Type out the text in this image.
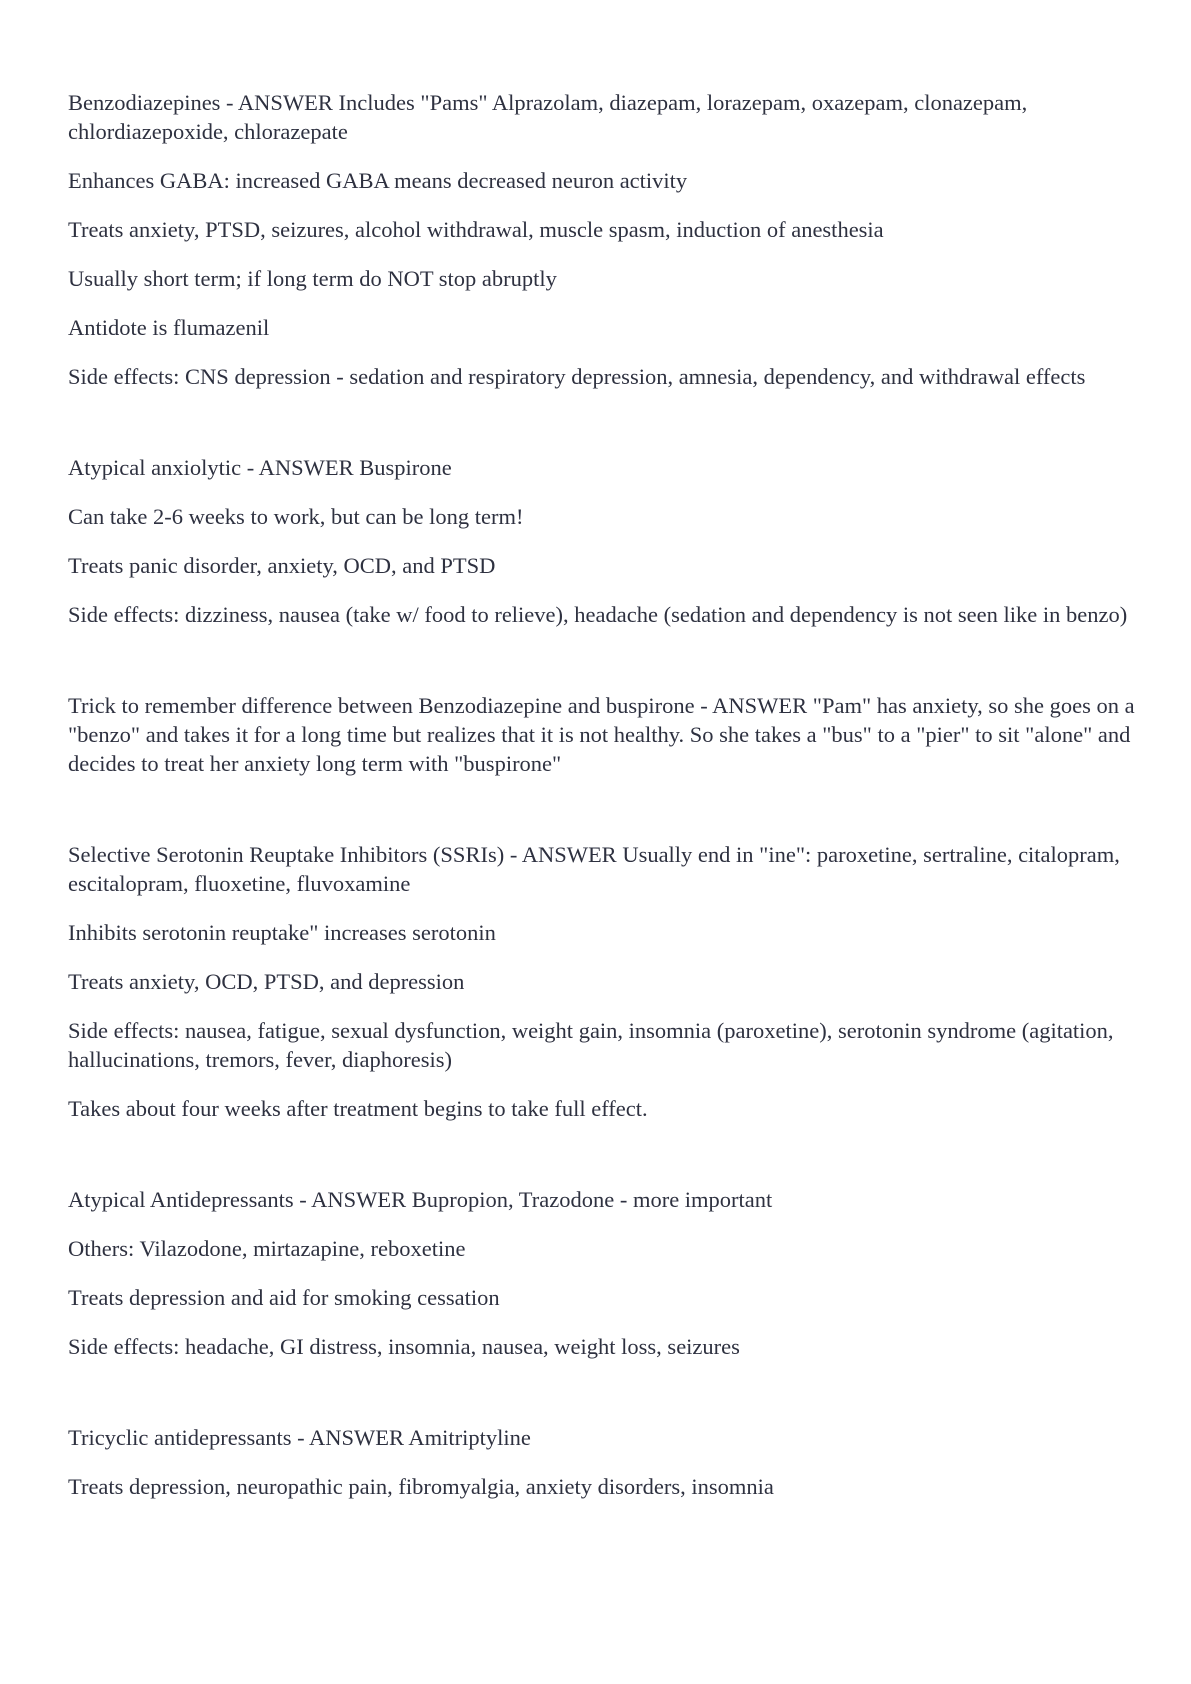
Benzodiazepines - ANSWER Includes "Pams" Alprazolam, diazepam, lorazepam, oxazepam, clonazepam, chlordiazepoxide, chlorazepate

Enhances GABA: increased GABA means decreased neuron activity

Treats anxiety, PTSD, seizures, alcohol withdrawal, muscle spasm, induction of anesthesia

Usually short term; if long term do NOT stop abruptly

Antidote is flumazenil

Side effects: CNS depression - sedation and respiratory depression, amnesia, dependency, and withdrawal effects

Atypical anxiolytic - ANSWER Buspirone

Can take 2-6 weeks to work, but can be long term!

Treats panic disorder, anxiety, OCD, and PTSD

Side effects: dizziness, nausea (take w/ food to relieve), headache (sedation and dependency is not seen like in benzo)

Trick to remember difference between Benzodiazepine and buspirone - ANSWER "Pam" has anxiety, so she goes on a "benzo" and takes it for a long time but realizes that it is not healthy. So she takes a "bus" to a "pier" to sit "alone" and decides to treat her anxiety long term with "buspirone"

Selective Serotonin Reuptake Inhibitors (SSRIs) - ANSWER Usually end in "ine": paroxetine, sertraline, citalopram, escitalopram, fluoxetine, fluvoxamine

Inhibits serotonin reuptake" increases serotonin

Treats anxiety, OCD, PTSD, and depression

Side effects: nausea, fatigue, sexual dysfunction, weight gain, insomnia (paroxetine), serotonin syndrome (agitation, hallucinations, tremors, fever, diaphoresis)

Takes about four weeks after treatment begins to take full effect.

Atypical Antidepressants - ANSWER Bupropion, Trazodone - more important

Others: Vilazodone, mirtazapine, reboxetine

Treats depression and aid for smoking cessation

Side effects: headache, GI distress, insomnia, nausea, weight loss, seizures

Tricyclic antidepressants - ANSWER Amitriptyline

Treats depression, neuropathic pain, fibromyalgia, anxiety disorders, insomnia
